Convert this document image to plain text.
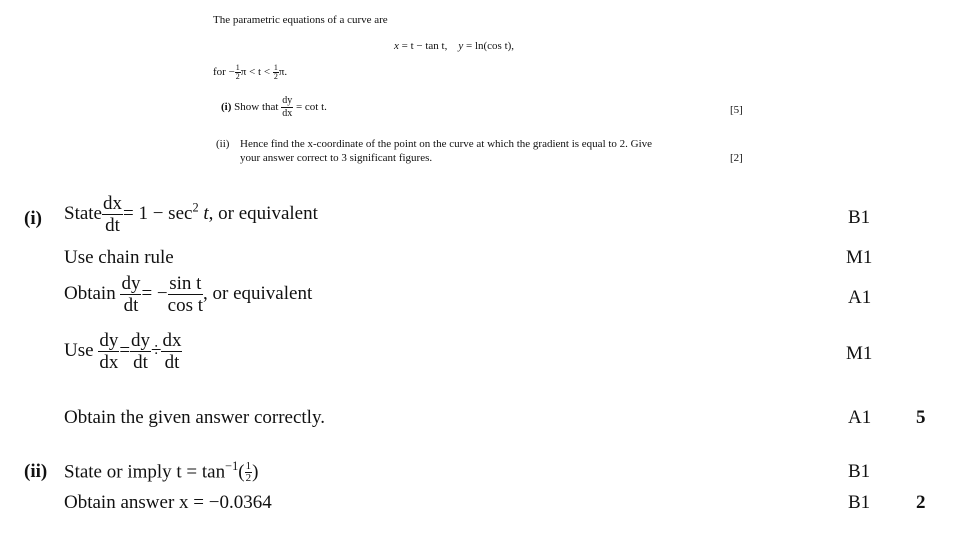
The parametric equations of a curve are
x = t − tan t, y = ln(cos t),
for − $\frac{1}{2}$ $\pi < t < \frac{1}{2} \pi$.
(i) Show that $\frac{dy}{dx} = \cot t$.	[5]
(ii) Hence find the x-coordinate of the point on the curve at which the gradient is equal to 2. Give
your answer correct to 3 significant figures.	[2]
(i) State $\frac{dx}{dt} = 1 - \sec^2 t$, or equivalent	B1
Use chain rule	M1
Obtain $\frac{dy}{dt}$ = − $\frac{\text{sin t}}{\text{cos t}}$ , or equivalent	A1
Use $\frac{dy}{dx} = \frac{dy}{dt} \div \frac{dx}{dt}$	M1
Obtain the given answer correctly.	A1 5
(ii) State or imply $t = \tan^{-1}( \frac{1}{2}$ )	B1
Obtain answer x = −0.0364	B1 2
